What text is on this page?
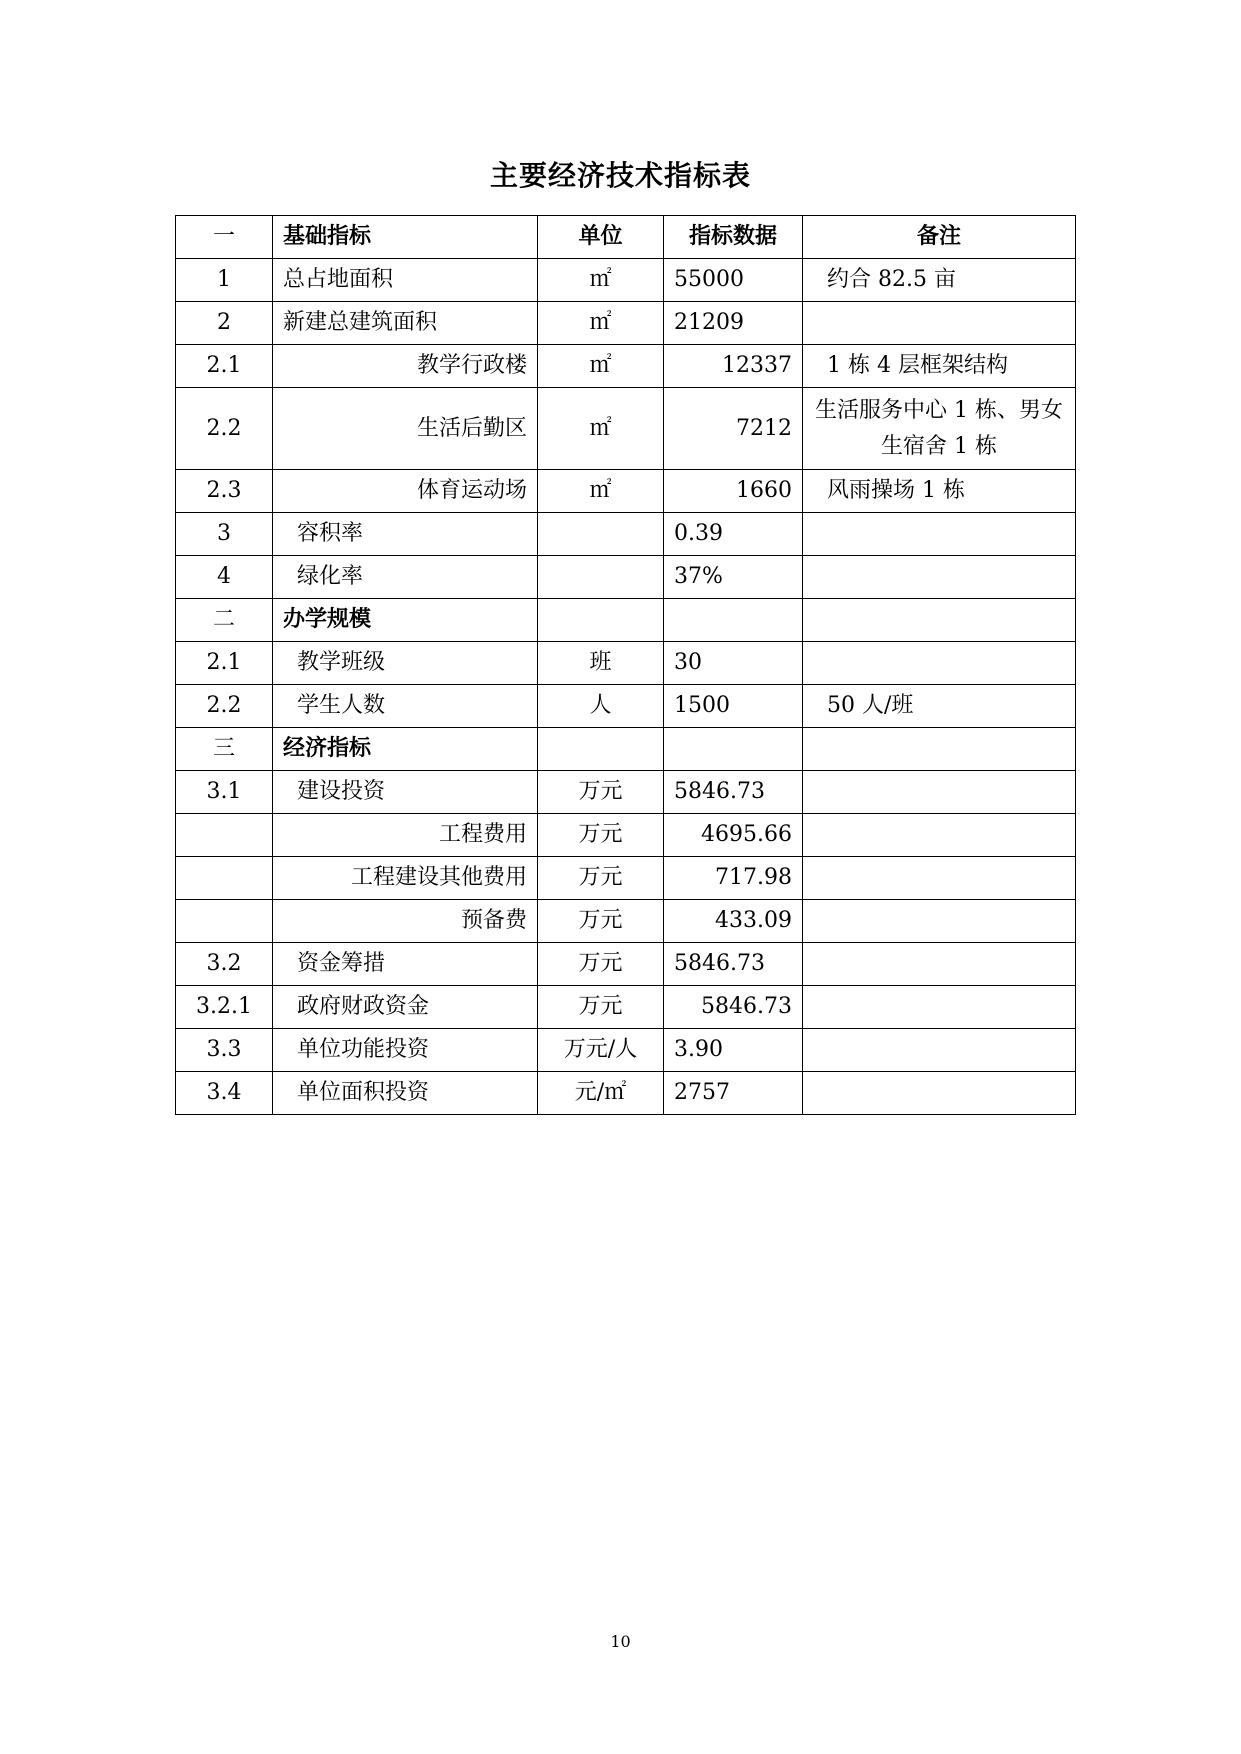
主要经济技术指标表
一	基础指标	单位	指标数据	备注
1	总占地面积	㎡	55000	约合 82.5 亩
2	新建总建筑面积	㎡	21209	
2.1	教学行政楼	㎡	12337	1 栋 4 层框架结构
2.2	生活后勤区	㎡	7212	生活服务中心 1 栋、男女生宿舍 1 栋
2.3	体育运动场	㎡	1660	风雨操场 1 栋
3	容积率		0.39	
4	绿化率		37%	
二	办学规模			
2.1	教学班级	班	30	
2.2	学生人数	人	1500	50 人/班
三	经济指标			
3.1	建设投资	万元	5846.73	
	工程费用	万元	4695.66	
	工程建设其他费用	万元	717.98	
	预备费	万元	433.09	
3.2	资金筹措	万元	5846.73	
3.2.1	政府财政资金	万元	5846.73	
3.3	单位功能投资	万元/人	3.90	
3.4	单位面积投资	元/㎡	2757	
10
